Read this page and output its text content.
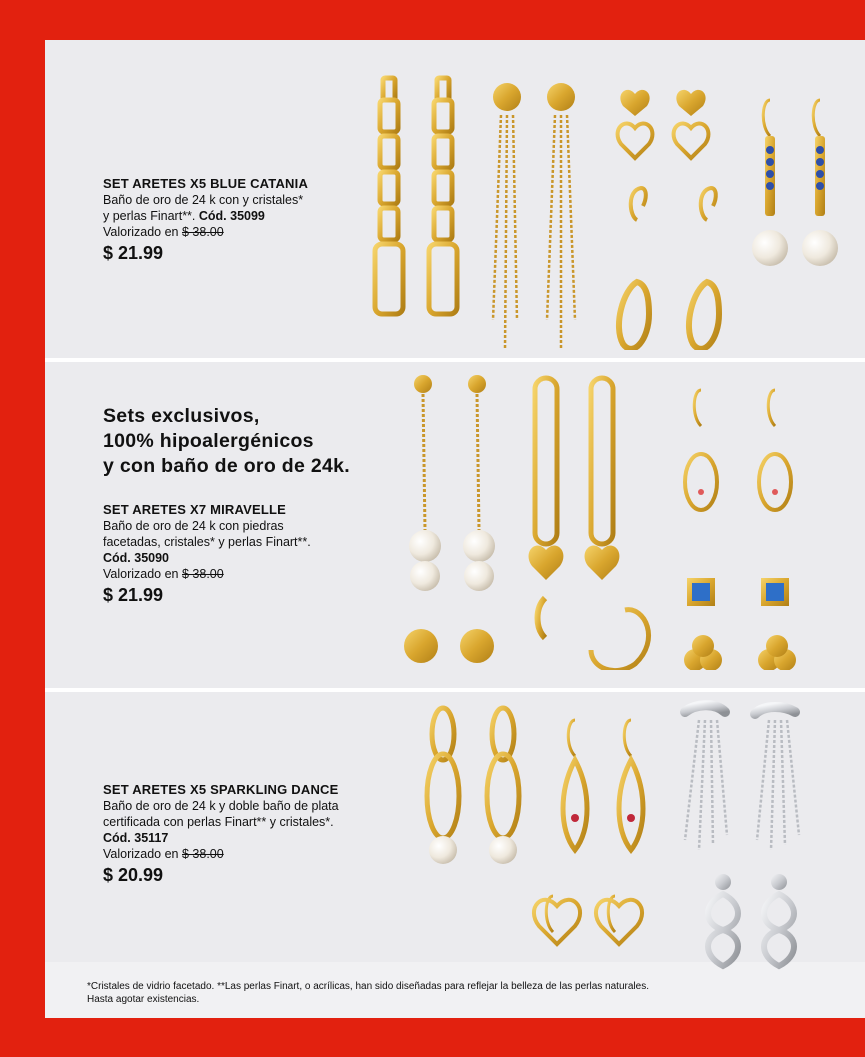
SET ARETES X5 BLUE CATANIA
Baño de oro de 24 k con y cristales*
y perlas Finart**. Cód. 35099
Valorizado en $ 38.00
$ 21.99
Sets exclusivos,
100% hipoalergénicos
y con baño de oro de 24k.
SET ARETES X7 MIRAVELLE
Baño de oro de 24 k con piedras
facetadas, cristales* y perlas Finart**.
Cód. 35090
Valorizado en $ 38.00
$ 21.99
SET ARETES X5 SPARKLING DANCE
Baño de oro de 24 k y doble baño de plata
certificada con perlas Finart** y cristales*.
Cód. 35117
Valorizado en $ 38.00
$ 20.99
*Cristales de vidrio facetado. **Las perlas Finart, o acrílicas, han sido diseñadas para reflejar la belleza de las perlas naturales.
Hasta agotar existencias.
